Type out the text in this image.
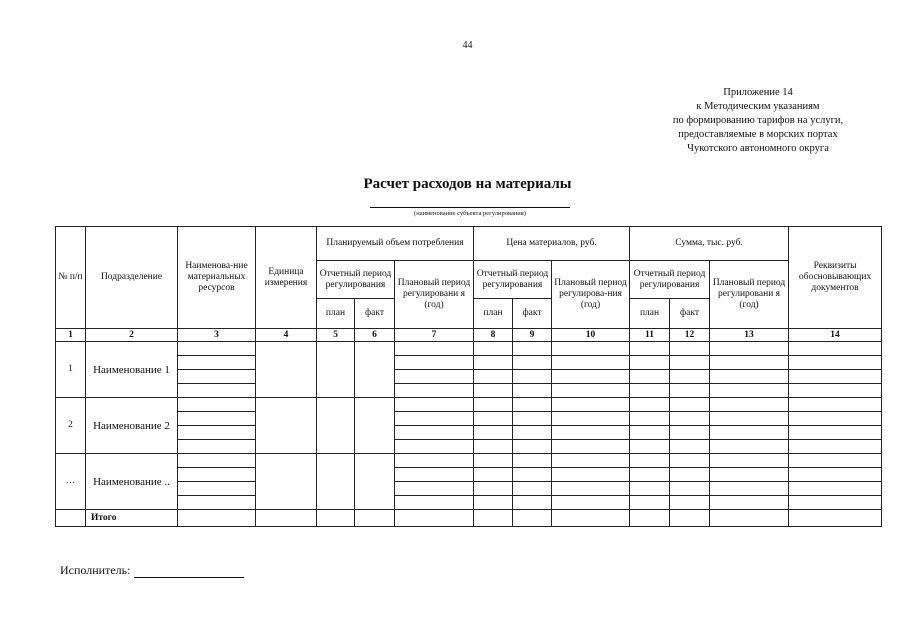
44
Приложение 14
к Методическим указаниям
по формированию тарифов на услуги,
предоставляемые в морских портах
Чукотского автономного округа
Расчет расходов на материалы
(наименование субъекта регулирования)
№ п/п	Подразделение	Наименова-ние материальных ресурсов	Единица измерения	Планируемый объем потребления			Цена материалов, руб.			Сумма, тыс. руб.			Реквизиты обосновывающих документов
				Отчетный период регулирования		Плановый период регулировани я (год)	Отчетный период регулирования		Плановый период регулирова-ния (год)	Отчетный период регулирования		Плановый период регулировани я (год)	
				план	факт		план	факт		план	факт		
1	2	3	4	5	6	7	8	9	10	11	12	13	14
1	Наименование 1												

2	Наименование 2												

…	Наименование ..												

	Итого												
Исполнитель:
